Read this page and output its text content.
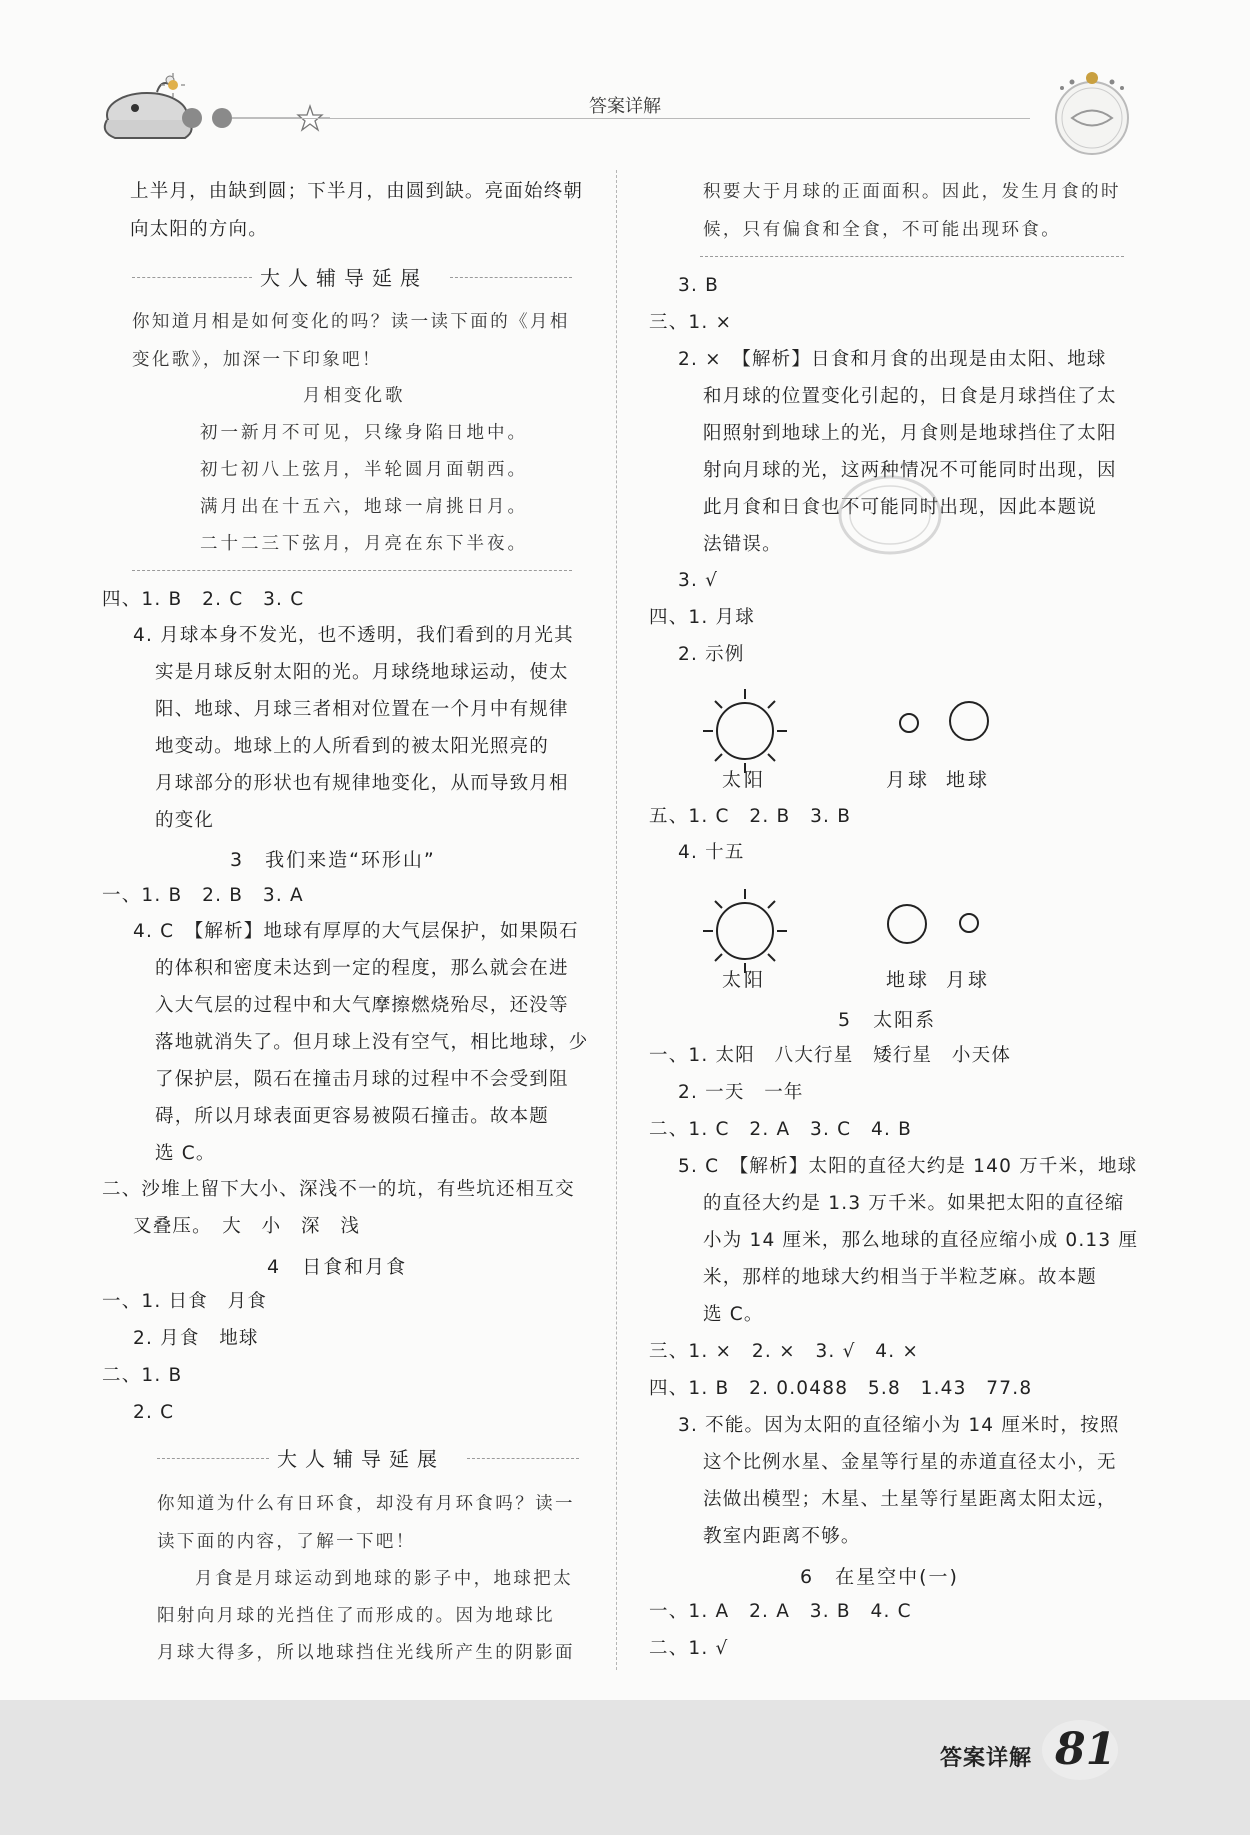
答案详解
上半月，由缺到圆；下半月，由圆到缺。亮面始终朝
向太阳的方向。
大人辅导延展
你知道月相是如何变化的吗？读一读下面的《月相
变化歌》，加深一下印象吧！
月相变化歌
初一新月不可见，只缘身陷日地中。
初七初八上弦月，半轮圆月面朝西。
满月出在十五六，地球一肩挑日月。
二十二三下弦月，月亮在东下半夜。
四、1. B　2. C　3. C
4. 月球本身不发光，也不透明，我们看到的月光其
实是月球反射太阳的光。月球绕地球运动，使太
阳、地球、月球三者相对位置在一个月中有规律
地变动。地球上的人所看到的被太阳光照亮的
月球部分的形状也有规律地变化，从而导致月相
的变化
3　我们来造“环形山”
一、1. B　2. B　3. A
4. C　【解析】地球有厚厚的大气层保护，如果陨石
的体积和密度未达到一定的程度，那么就会在进
入大气层的过程中和大气摩擦燃烧殆尽，还没等
落地就消失了。但月球上没有空气，相比地球，少
了保护层，陨石在撞击月球的过程中不会受到阻
碍，所以月球表面更容易被陨石撞击。故本题
选 C。
二、沙堆上留下大小、深浅不一的坑，有些坑还相互交
叉叠压。　大　小　深　浅
4　日食和月食
一、1. 日食　月食
2. 月食　地球
二、1. B
2. C
大人辅导延展
你知道为什么有日环食，却没有月环食吗？读一
读下面的内容，了解一下吧！
月食是月球运动到地球的影子中，地球把太
阳射向月球的光挡住了而形成的。因为地球比
月球大得多，所以地球挡住光线所产生的阴影面
积要大于月球的正面面积。因此，发生月食的时
候，只有偏食和全食，不可能出现环食。
3. B
三、1. ×
2. ×　【解析】日食和月食的出现是由太阳、地球
和月球的位置变化引起的，日食是月球挡住了太
阳照射到地球上的光，月食则是地球挡住了太阳
射向月球的光，这两种情况不可能同时出现，因
此月食和日食也不可能同时出现，因此本题说
法错误。
3. √
四、1. 月球
2. 示例
太阳	月球 地球
五、1. C　2. B　3. B
4. 十五
太阳	地球 月球
5　太阳系
一、1. 太阳　八大行星　矮行星　小天体
2. 一天　一年
二、1. C　2. A　3. C　4. B
5. C　【解析】太阳的直径大约是 140 万千米，地球
的直径大约是 1.3 万千米。如果把太阳的直径缩
小为 14 厘米，那么地球的直径应缩小成 0.13 厘
米，那样的地球大约相当于半粒芝麻。故本题
选 C。
三、1. ×　2. ×　3. √　4. ×
四、1. B　2. 0.0488　5.8　1.43　77.8
3. 不能。因为太阳的直径缩小为 14 厘米时，按照
这个比例水星、金星等行星的赤道直径太小，无
法做出模型；木星、土星等行星距离太阳太远，
教室内距离不够。
6　在星空中(一)
一、1. A　2. A　3. B　4. C
二、1. √
答案详解 81
